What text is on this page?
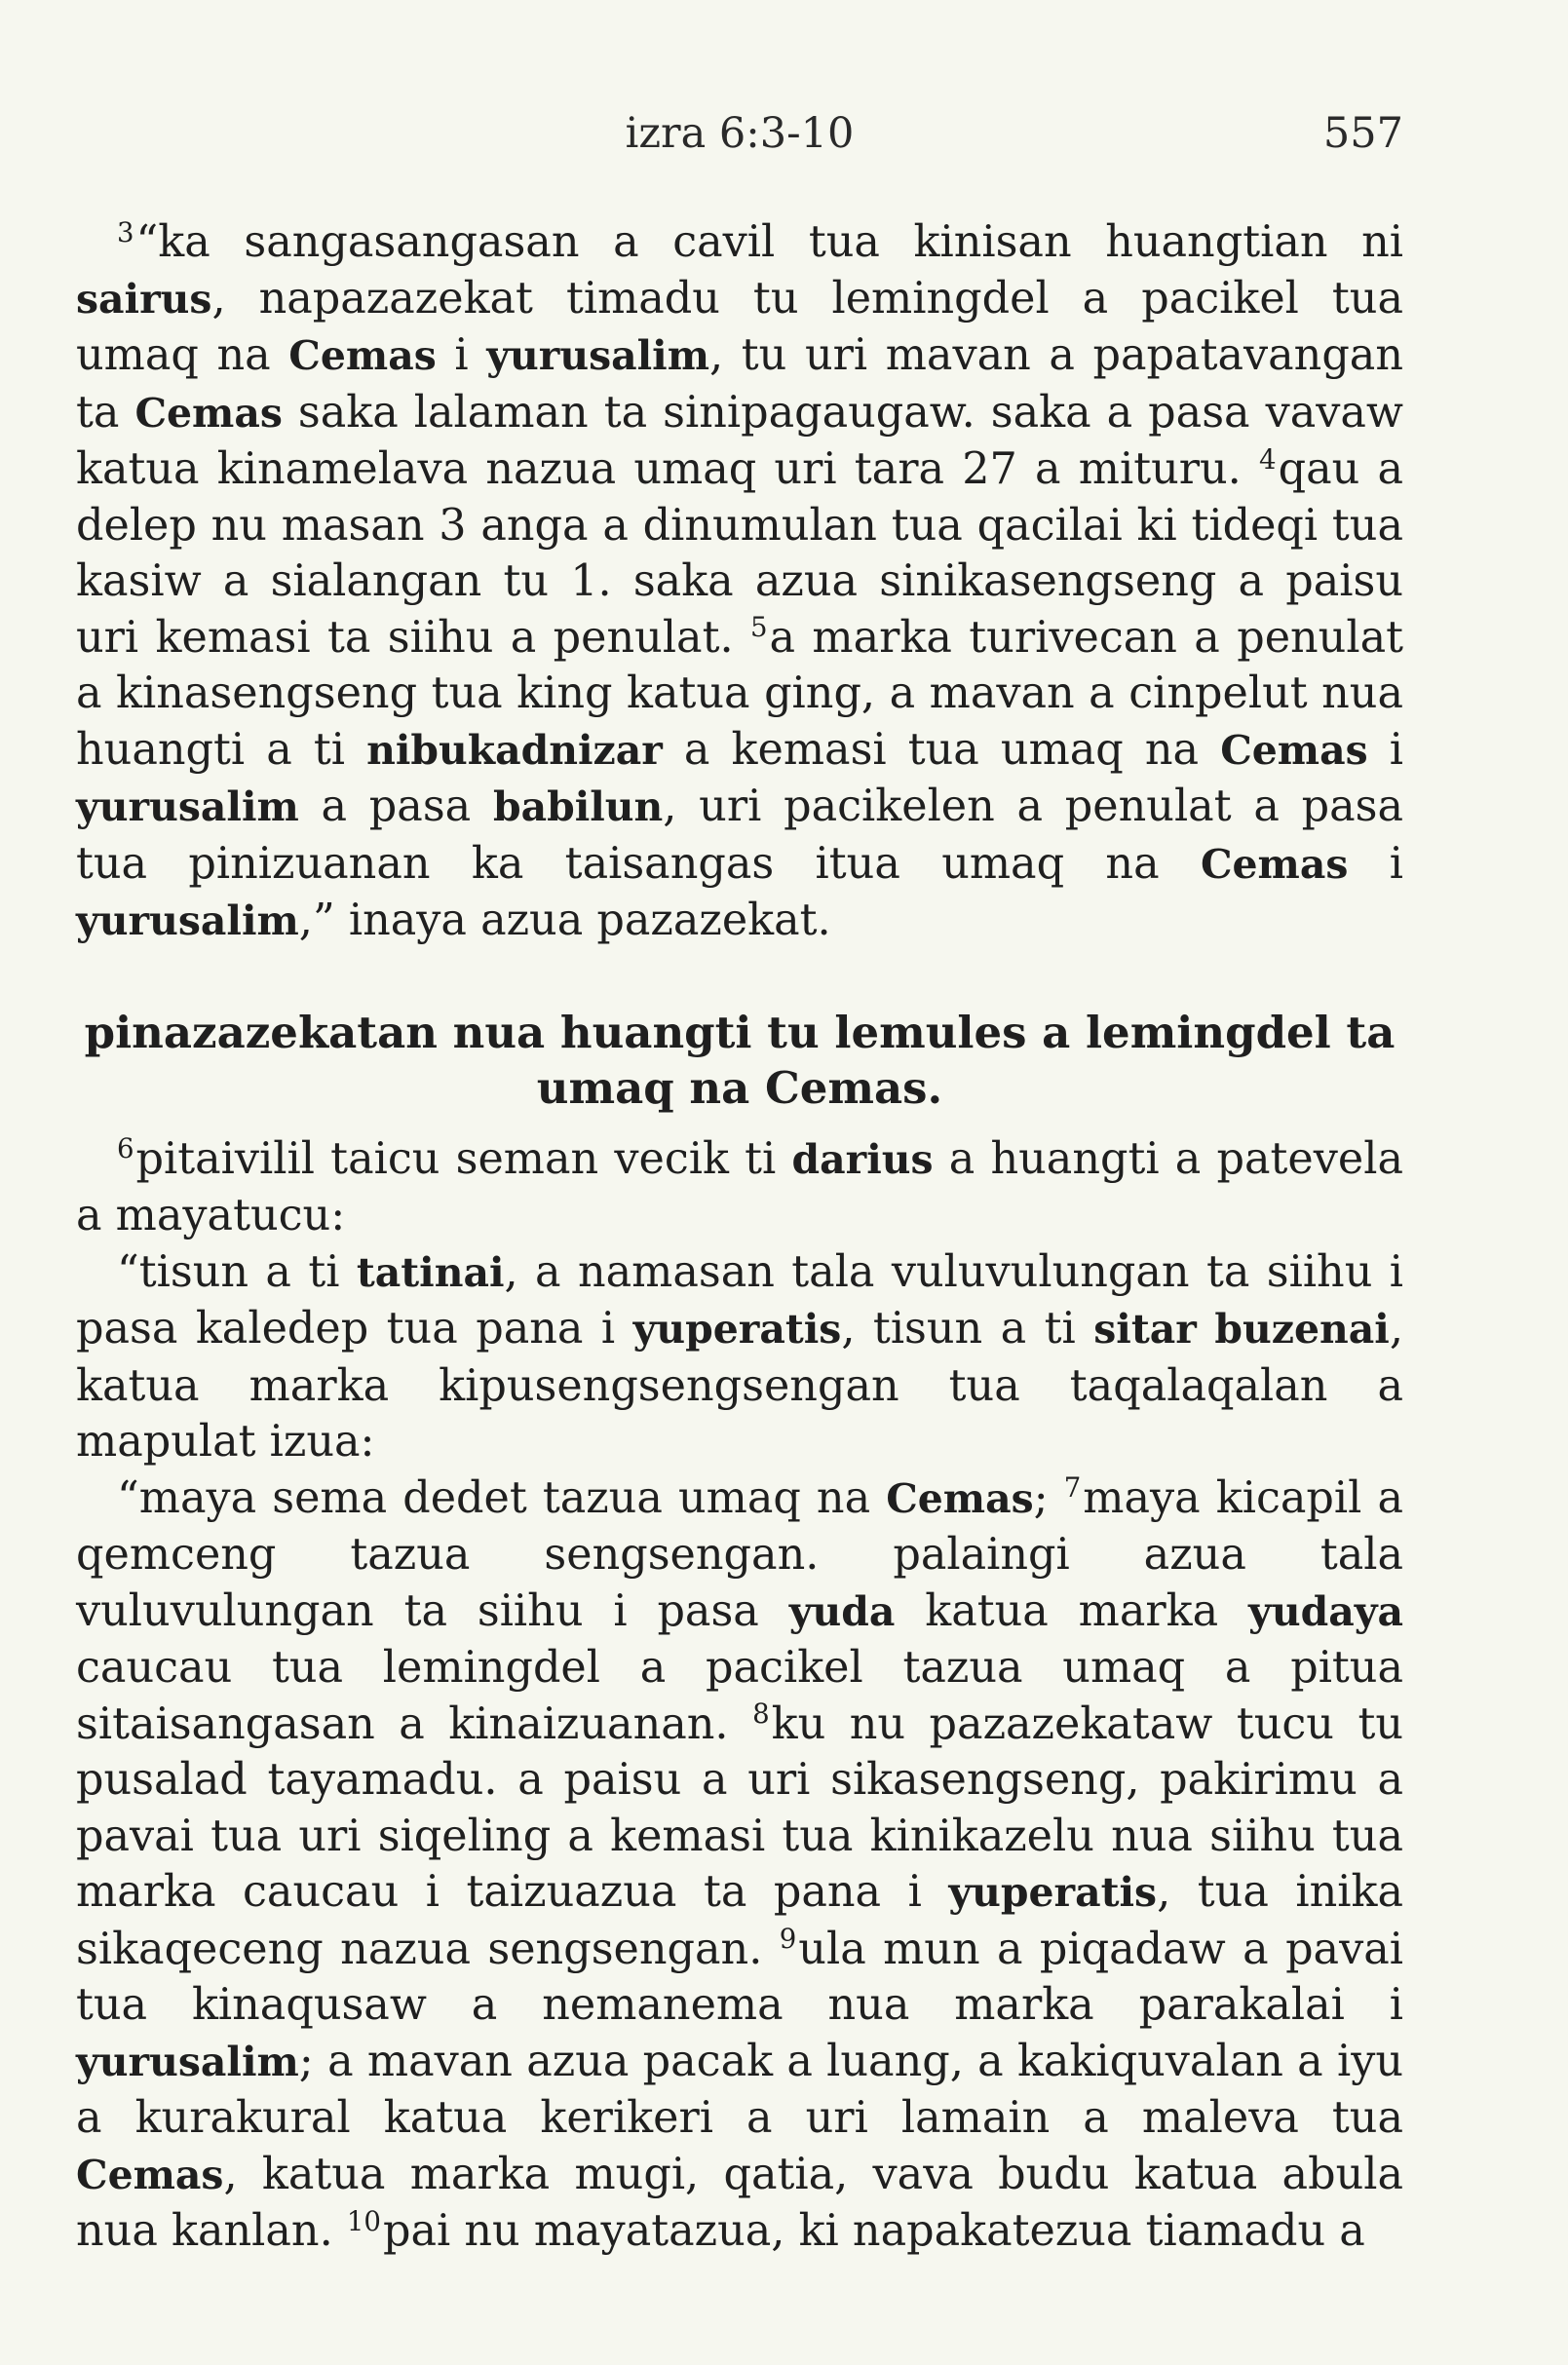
izra 6:3-10	557

$^3$“ka sangasangasan a cavil tua kinisan huangtian ni sairus, napazazekat timadu tu lemingdel a pacikel tua umaq na Cemas i yurusalim, tu uri mavan a papatavangan ta Cemas saka lalaman ta sinipagaugaw. saka a pasa vavaw katua kinamelava nazua umaq uri tara 27 a mituru. $^4$qau a delep nu masan 3 anga a dinumulan tua qacilai ki tideqi tua kasiw a sialangan tu 1. saka azua sinikasengseng a paisu uri kemasi ta siihu a penulat. $^5$a marka turivecan a penulat a kinasengseng tua king katua ging, a mavan a cinpelut nua huangti a ti nibukadnizar a kemasi tua umaq na Cemas i yurusalim a pasa babilun, uri pacikelen a penulat a pasa tua pinizuanan ka taisangas itua umaq na Cemas i yurusalim,” inaya azua pazazekat.

pinazazekatan nua huangti tu lemules a lemingdel ta umaq na Cemas.

$^6$pitaivilil taicu seman vecik ti darius a huangti a patevela a mayatucu:

“tisun a ti tatinai, a namasan tala vuluvulungan ta siihu i pasa kaledep tua pana i yuperatis, tisun a ti sitar buzenai, katua marka kipusengsengsengan tua taqalaqalan a mapulat izua:

“maya sema dedet tazua umaq na Cemas; $^7$maya kicapil a qemceng tazua sengsengan. palaingi azua tala vuluvulungan ta siihu i pasa yuda katua marka yudaya caucau tua lemingdel a pacikel tazua umaq a pitua sitaisangasan a kinaizuanan. $^8$ku nu pazazekataw tucu tu pusalad tayamadu. a paisu a uri sikasengseng, pakirimu a pavai tua uri siqeling a kemasi tua kinikazelu nua siihu tua marka caucau i taizuazua ta pana i yuperatis, tua inika sikaqeceng nazua sengsengan. $^9$ula mun a piqadaw a pavai tua kinaqusaw a nemanema nua marka parakalai i yurusalim; a mavan azua pacak a luang, a kakiquvalan a iyu a kurakural katua kerikeri a uri lamain a maleva tua Cemas, katua marka mugi, qatia, vava budu katua abula nua kanlan. $^{10}$pai nu mayatazua, ki napakatezua tiamadu a
